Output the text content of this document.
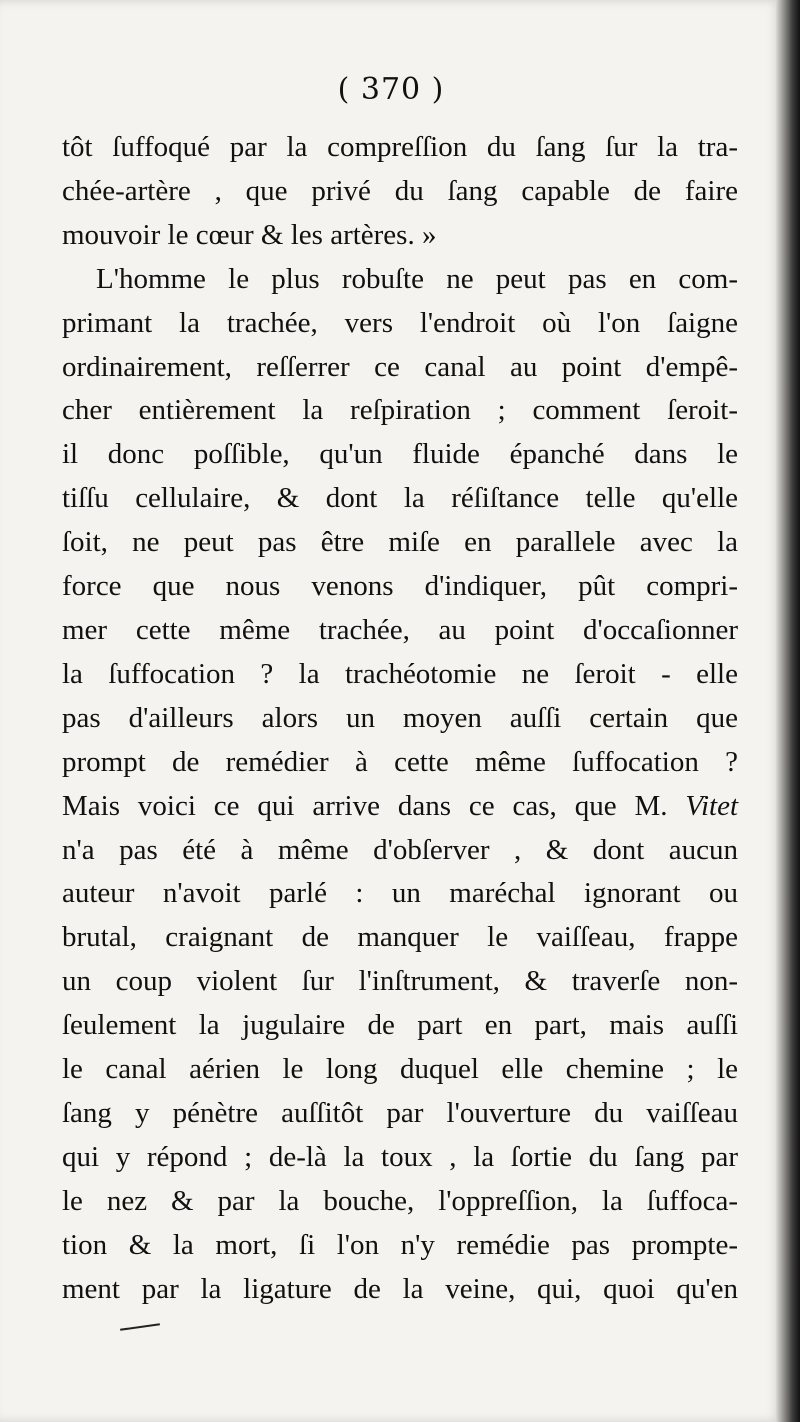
( 370 )
tôt ſuffoqué par la compreſſion du ſang ſur la tra-
chée-artère , que privé du ſang capable de faire
mouvoir le cœur & les artères. »
L'homme le plus robuſte ne peut pas en com-
primant la trachée, vers l'endroit où l'on ſaigne
ordinairement, reſſerrer ce canal au point d'empê-
cher entièrement la reſpiration ; comment ſeroit-
il donc poſſible, qu'un fluide épanché dans le
tiſſu cellulaire, & dont la réſiſtance telle qu'elle
ſoit, ne peut pas être miſe en parallele avec la
force que nous venons d'indiquer, pût compri-
mer cette même trachée, au point d'occaſionner
la ſuffocation ? la trachéotomie ne ſeroit - elle
pas d'ailleurs alors un moyen auſſi certain que
prompt de remédier à cette même ſuffocation ?
Mais voici ce qui arrive dans ce cas, que M. Vitet
n'a pas été à même d'obſerver , & dont aucun
auteur n'avoit parlé : un maréchal ignorant ou
brutal, craignant de manquer le vaiſſeau, frappe
un coup violent ſur l'inſtrument, & traverſe non-
ſeulement la jugulaire de part en part, mais auſſi
le canal aérien le long duquel elle chemine ; le
ſang y pénètre auſſitôt par l'ouverture du vaiſſeau
qui y répond ; de-là la toux , la ſortie du ſang par
le nez & par la bouche, l'oppreſſion, la ſuffoca-
tion & la mort, ſi l'on n'y remédie pas promptе-
ment par la ligature de la veine, qui, quoi qu'en
